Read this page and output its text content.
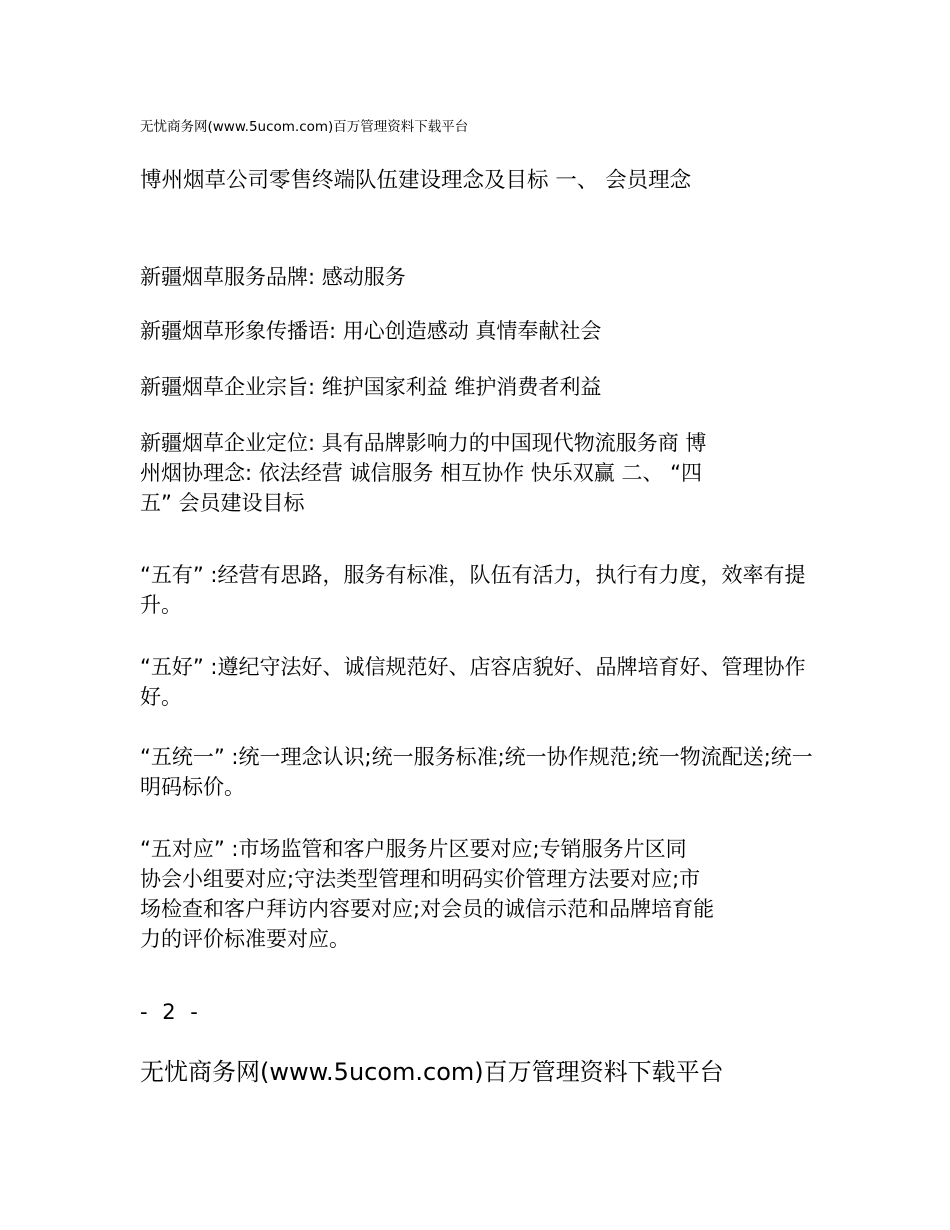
无忧商务网(www.5ucom.com)百万管理资料下载平台

博州烟草公司零售终端队伍建设理念及目标 一、 会员理念

新疆烟草服务品牌: 感动服务

新疆烟草形象传播语: 用心创造感动 真情奉献社会

新疆烟草企业宗旨: 维护国家利益 维护消费者利益

新疆烟草企业定位: 具有品牌影响力的中国现代物流服务商 博
州烟协理念: 依法经营 诚信服务 相互协作 快乐双赢 二、 “四
五” 会员建设目标

“五有” :经营有思路，服务有标准，队伍有活力，执行有力度，效率有提升。

“五好” :遵纪守法好、诚信规范好、店容店貌好、品牌培育好、管理协作好。

“五统一” :统一理念认识;统一服务标准;统一协作规范;统一物流配送;统一明码标价。

“五对应” :市场监管和客户服务片区要对应;专销服务片区同
协会小组要对应;守法类型管理和明码实价管理方法要对应;市
场检查和客户拜访内容要对应;对会员的诚信示范和品牌培育能
力的评价标准要对应。

- 2 -
无忧商务网(www.5ucom.com)百万管理资料下载平台
